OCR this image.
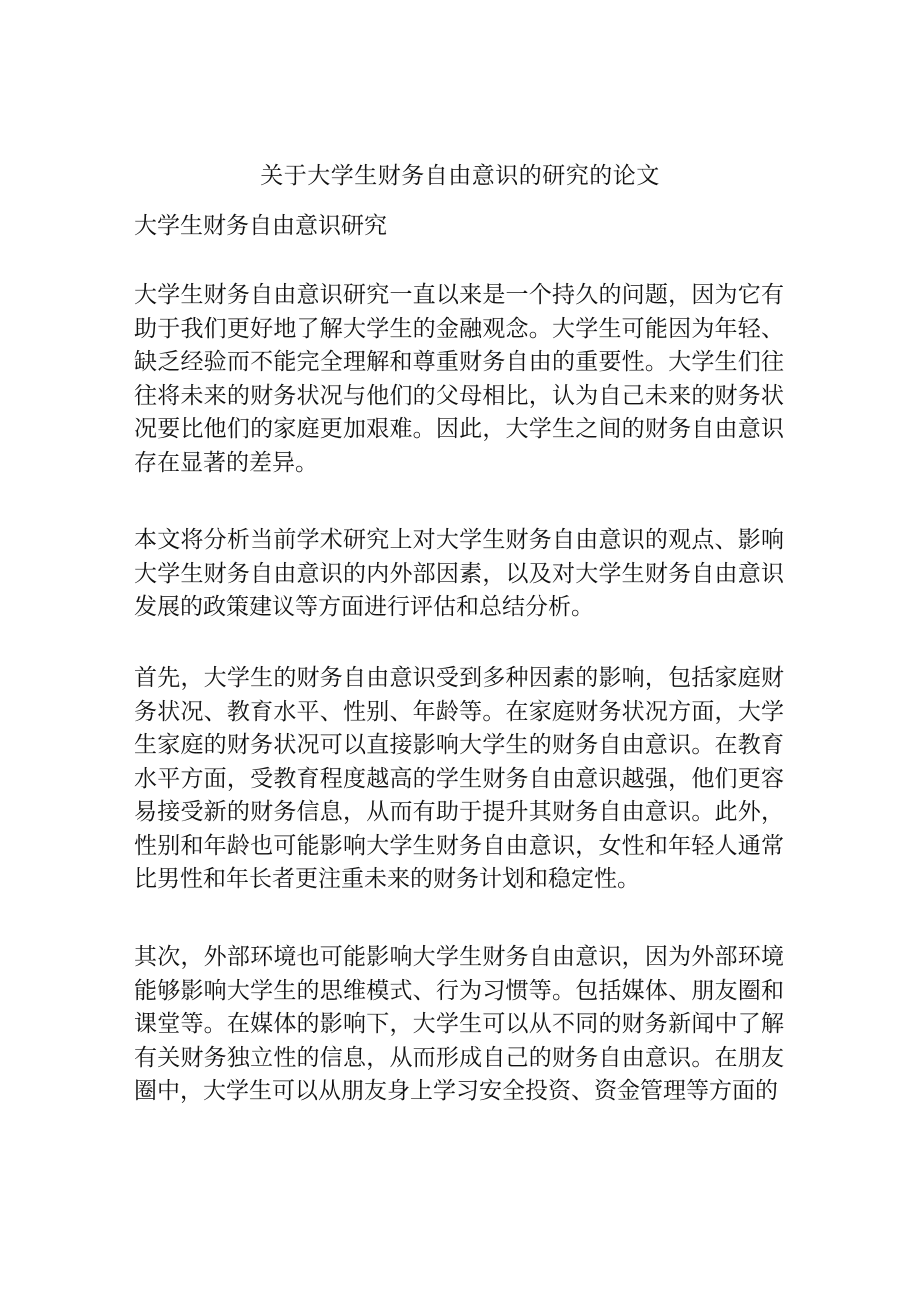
关于大学生财务自由意识的研究的论文
大学生财务自由意识研究

大学生财务自由意识研究一直以来是一个持久的问题，因为它有助于我们更好地了解大学生的金融观念。大学生可能因为年轻、缺乏经验而不能完全理解和尊重财务自由的重要性。大学生们往往将未来的财务状况与他们的父母相比，认为自己未来的财务状况要比他们的家庭更加艰难。因此，大学生之间的财务自由意识存在显著的差异。

本文将分析当前学术研究上对大学生财务自由意识的观点、影响大学生财务自由意识的内外部因素，以及对大学生财务自由意识发展的政策建议等方面进行评估和总结分析。

首先，大学生的财务自由意识受到多种因素的影响，包括家庭财务状况、教育水平、性别、年龄等。在家庭财务状况方面，大学生家庭的财务状况可以直接影响大学生的财务自由意识。在教育水平方面，受教育程度越高的学生财务自由意识越强，他们更容易接受新的财务信息，从而有助于提升其财务自由意识。此外，性别和年龄也可能影响大学生财务自由意识，女性和年轻人通常比男性和年长者更注重未来的财务计划和稳定性。

其次，外部环境也可能影响大学生财务自由意识，因为外部环境能够影响大学生的思维模式、行为习惯等。包括媒体、朋友圈和课堂等。在媒体的影响下，大学生可以从不同的财务新闻中了解有关财务独立性的信息，从而形成自己的财务自由意识。在朋友圈中，大学生可以从朋友身上学习安全投资、资金管理等方面的
